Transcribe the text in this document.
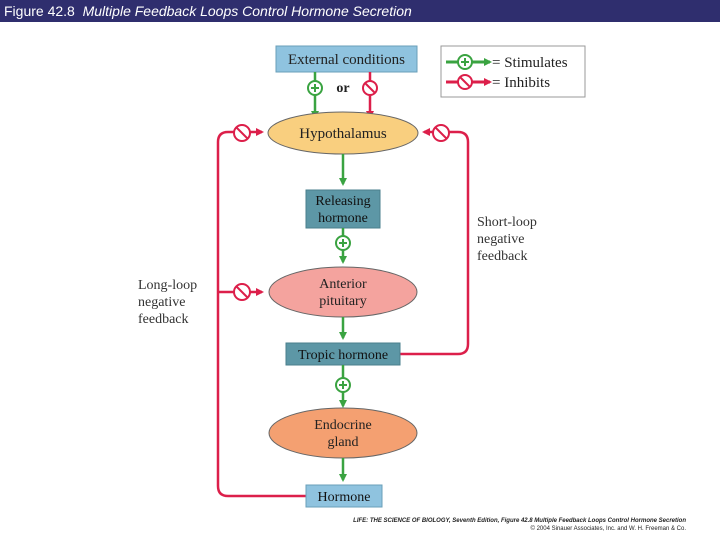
Figure 42.8 Multiple Feedback Loops Control Hormone Secretion
External conditions
or
= Stimulates
= Inhibits
Hypothalamus
Releasing
hormone
Anterior
pituitary
Tropic hormone
Endocrine
gland
Hormone
Short-loop
negative
feedback
Long-loop
negative
feedback
LIFE: THE SCIENCE OF BIOLOGY, Seventh Edition, Figure 42.8 Multiple Feedback Loops Control Hormone Secretion
© 2004 Sinauer Associates, Inc. and W. H. Freeman & Co.
